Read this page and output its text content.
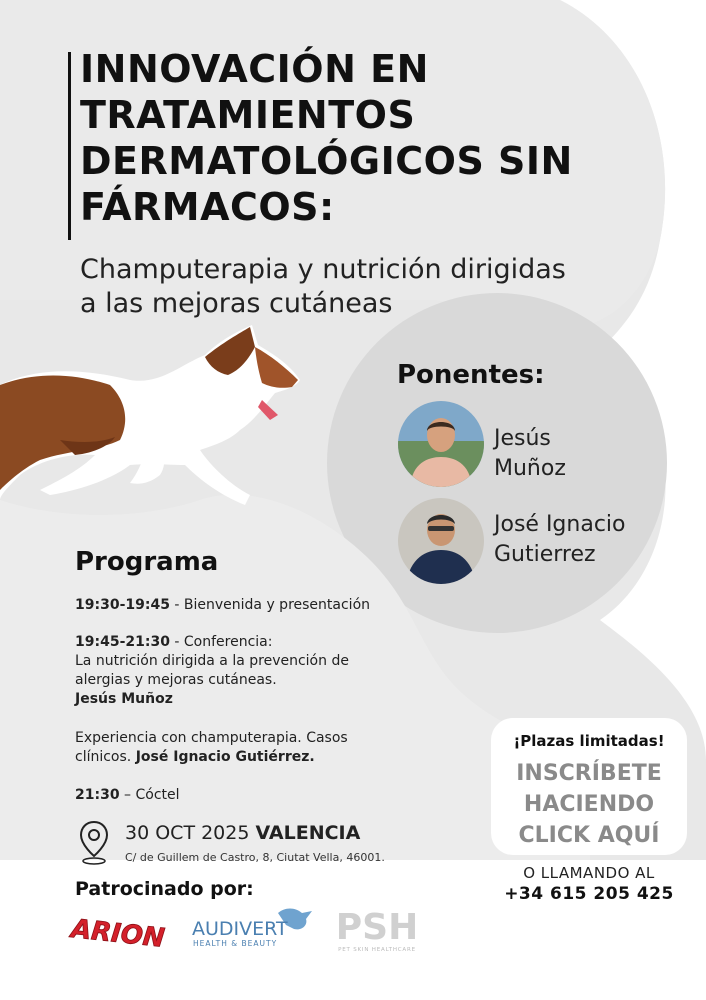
INNOVACIÓN EN
TRATAMIENTOS
DERMATOLÓGICOS SIN
FÁRMACOS:
Champuterapia y nutrición dirigidas
a las mejoras cutáneas
Ponentes:
Jesús
Muñoz
José Ignacio
Gutierrez
Programa
19:30-19:45 - Bienvenida y presentación
19:45-21:30 - Conferencia:
La nutrición dirigida a la prevención de alergias y mejoras cutáneas.
Jesús Muñoz
Experiencia con champuterapia. Casos clínicos. José Ignacio Gutiérrez.
21:30 – Cóctel
30 OCT 2025 VALENCIA
C/ de Guillem de Castro, 8, Ciutat Vella, 46001.
Patrocinado por:
ARION AUDIVERT
HEALTH & BEAUTY PSH
PET SKIN HEALTHCARE
¡Plazas limitadas!
INSCRÍBETE
HACIENDO
CLICK AQUÍ
O LLAMANDO AL
+34 615 205 425
